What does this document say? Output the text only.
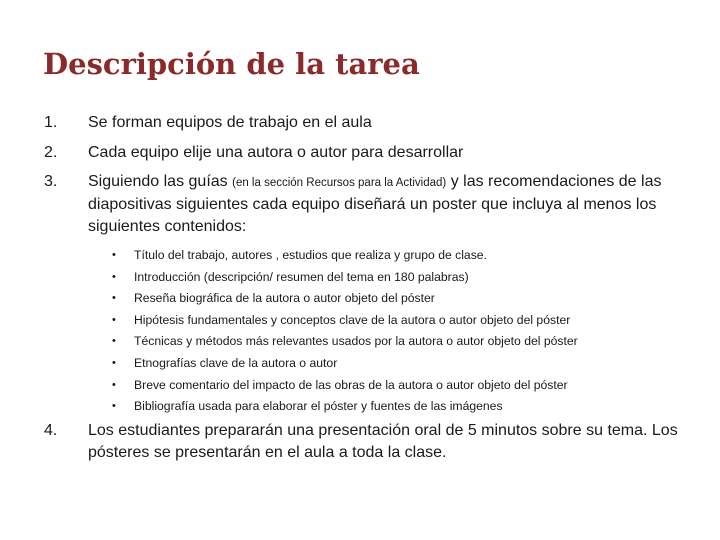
Descripción de la tarea
1.	Se forman equipos de trabajo en el aula
2.	Cada equipo elije una autora o autor para desarrollar
3.	Siguiendo las guías (en la sección Recursos para la Actividad) y las recomendaciones de las diapositivas siguientes cada equipo diseñará un poster que incluya al menos los siguientes contenidos:
•	Título del trabajo, autores , estudios que realiza y grupo de clase.
•	Introducción (descripción/ resumen del tema en 180 palabras)
•	Reseña biográfica de la autora o autor objeto del póster
•	Hipótesis fundamentales y conceptos clave de la autora o autor objeto del póster
•	Técnicas y métodos más relevantes usados por la autora o autor objeto del póster
•	Etnografías clave de la autora o autor
•	Breve comentario del impacto de las obras de la autora o autor objeto del póster
•	Bibliografía usada para elaborar el póster y fuentes de las imágenes
4.	Los estudiantes prepararán una presentación oral de 5 minutos sobre su tema. Los pósteres se presentarán en el aula a toda la clase.
